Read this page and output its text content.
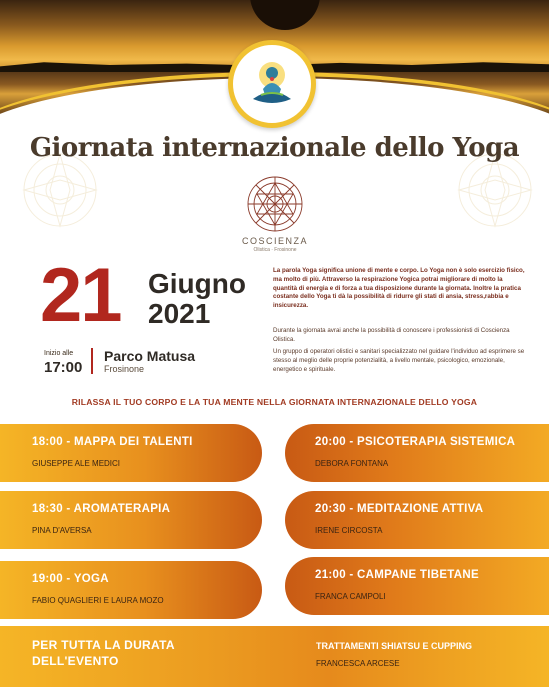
Giornata internazionale dello Yoga
COSCIENZA
Olistica · Frosinone
21 Giugno
2021
Inizio alle
17:00
Parco Matusa
Frosinone
La parola Yoga significa unione di mente e corpo. Lo Yoga non è solo esercizio fisico, ma molto di più. Attraverso la respirazione Yogica potrai migliorare di molto la quantità di energia e di forza a tua disposizione durante la giornata. Inoltre la pratica costante dello Yoga ti dà la possibilità di ridurre gli stati di ansia, stress,rabbia e insicurezza.
Durante la giornata avrai anche la possibilità di conoscere i professionisti di Coscienza Olistica.
Un gruppo di operatori olistici e sanitari specializzato nel guidare l'individuo ad esprimere se stesso al meglio delle proprie potenzialità, a livello mentale, psicologico, emozionale, energetico e spirituale.
RILASSA IL TUO CORPO E LA TUA MENTE NELLA GIORNATA INTERNAZIONALE DELLO YOGA
18:00 - MAPPA DEI TALENTI
GIUSEPPE ALE MEDICI
18:30 - AROMATERAPIA
PINA D'AVERSA
19:00 - YOGA
FABIO QUAGLIERI E LAURA MOZO
20:00 - PSICOTERAPIA SISTEMICA
DEBORA FONTANA
20:30 - MEDITAZIONE ATTIVA
IRENE CIRCOSTA
21:00 - CAMPANE TIBETANE
FRANCA CAMPOLI
PER TUTTA LA DURATA
DELL'EVENTO
TRATTAMENTI SHIATSU E CUPPING
FRANCESCA ARCESE
